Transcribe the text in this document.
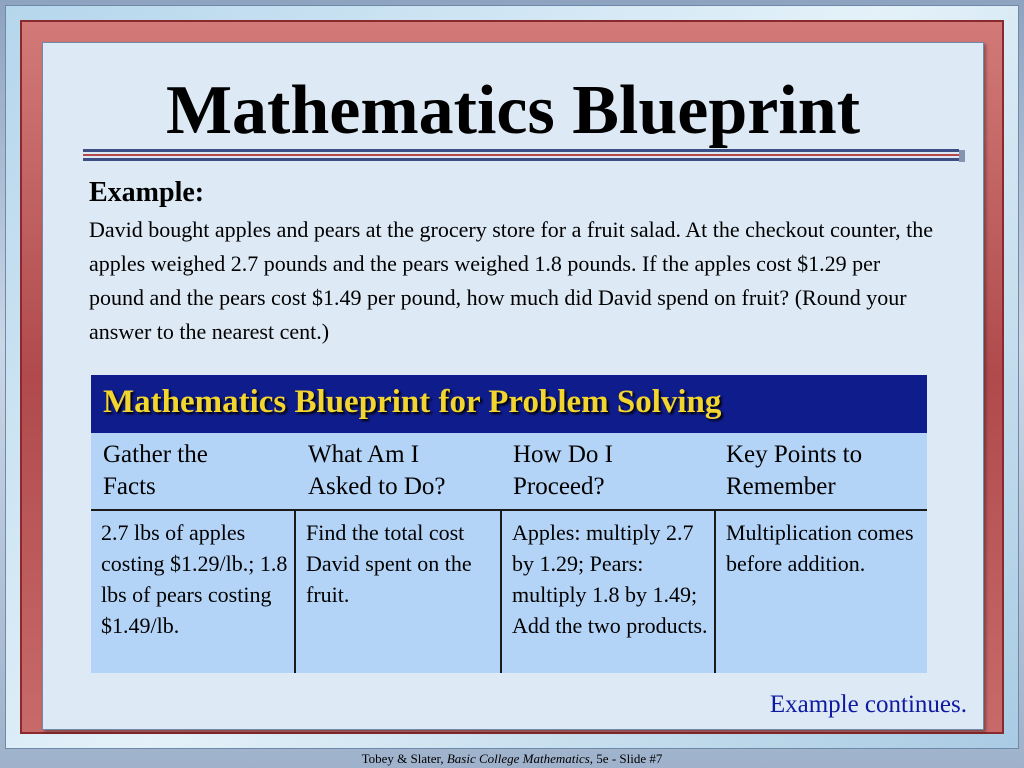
Mathematics Blueprint
Example:
David bought apples and pears at the grocery store for a fruit salad. At the checkout counter, the apples weighed 2.7 pounds and the pears weighed 1.8 pounds. If the apples cost $1.29 per pound and the pears cost $1.49 per pound, how much did David spend on fruit? (Round your answer to the nearest cent.)
Mathematics Blueprint for Problem Solving
Gather the
Facts
What Am I
Asked to Do?
How Do I
Proceed?
Key Points to
Remember
2.7 lbs of apples costing $1.29/lb.; 1.8 lbs of pears costing $1.49/lb.
Find the total cost David spent on the fruit.
Apples: multiply 2.7 by 1.29; Pears: multiply 1.8 by 1.49; Add the two products.
Multiplication comes before addition.
Example continues.
Tobey & Slater, Basic College Mathematics, 5e - Slide #7
